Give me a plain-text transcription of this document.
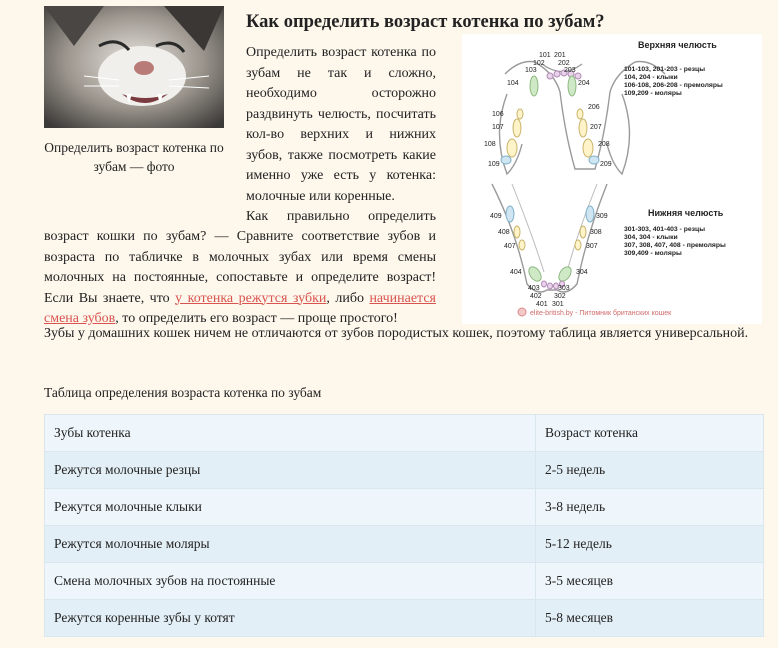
Определить возраст котенка по зубам — фото
Как определить возраст котенка по зубам?
101 201
102 202
103	203
104	204
106
206
107	207
108	208
109	209
409	309
408	308
407	307
404	304
403	303
402 302
401 301
Верхняя челюсть
101-103, 201-203 - резцы
104, 204 - клыки
106-108, 206-208 - премоляры
109,209 - моляры
Нижняя челюсть
301-303, 401-403 - резцы
304, 304 - клыки
307, 308, 407, 408 - премоляры
309,409 - моляры
elite-british.by - Питомник британских кошек
Определить возраст котенка по
зубам не так и сложно,
необходимо осторожно
раздвинуть челюсть, посчитать
кол-во верхних и нижних
зубов, также посмотреть какие
именно уже есть у котенка:
молочные или коренные.
Как правильно определить
возраст кошки по зубам? — Сравните соответствие зубов и
возраста по табличке в молочных зубах или время смены
молочных на постоянные, сопоставьте и определите возраст!
Если Вы знаете, что у котенка режутся зубки, либо начинается
смена зубов, то определить его возраст — проще простого!
Зубы у домашних кошек ничем не отличаются от зубов породистых кошек, поэтому таблица является универсальной.
Таблица определения возраста котенка по зубам
Зубы котенка	Возраст котенка
Режутся молочные резцы	2-5 недель
Режутся молочные клыки	3-8 недель
Режутся молочные моляры	5-12 недель
Смена молочных зубов на постоянные	3-5 месяцев
Режутся коренные зубы у котят	5-8 месяцев
